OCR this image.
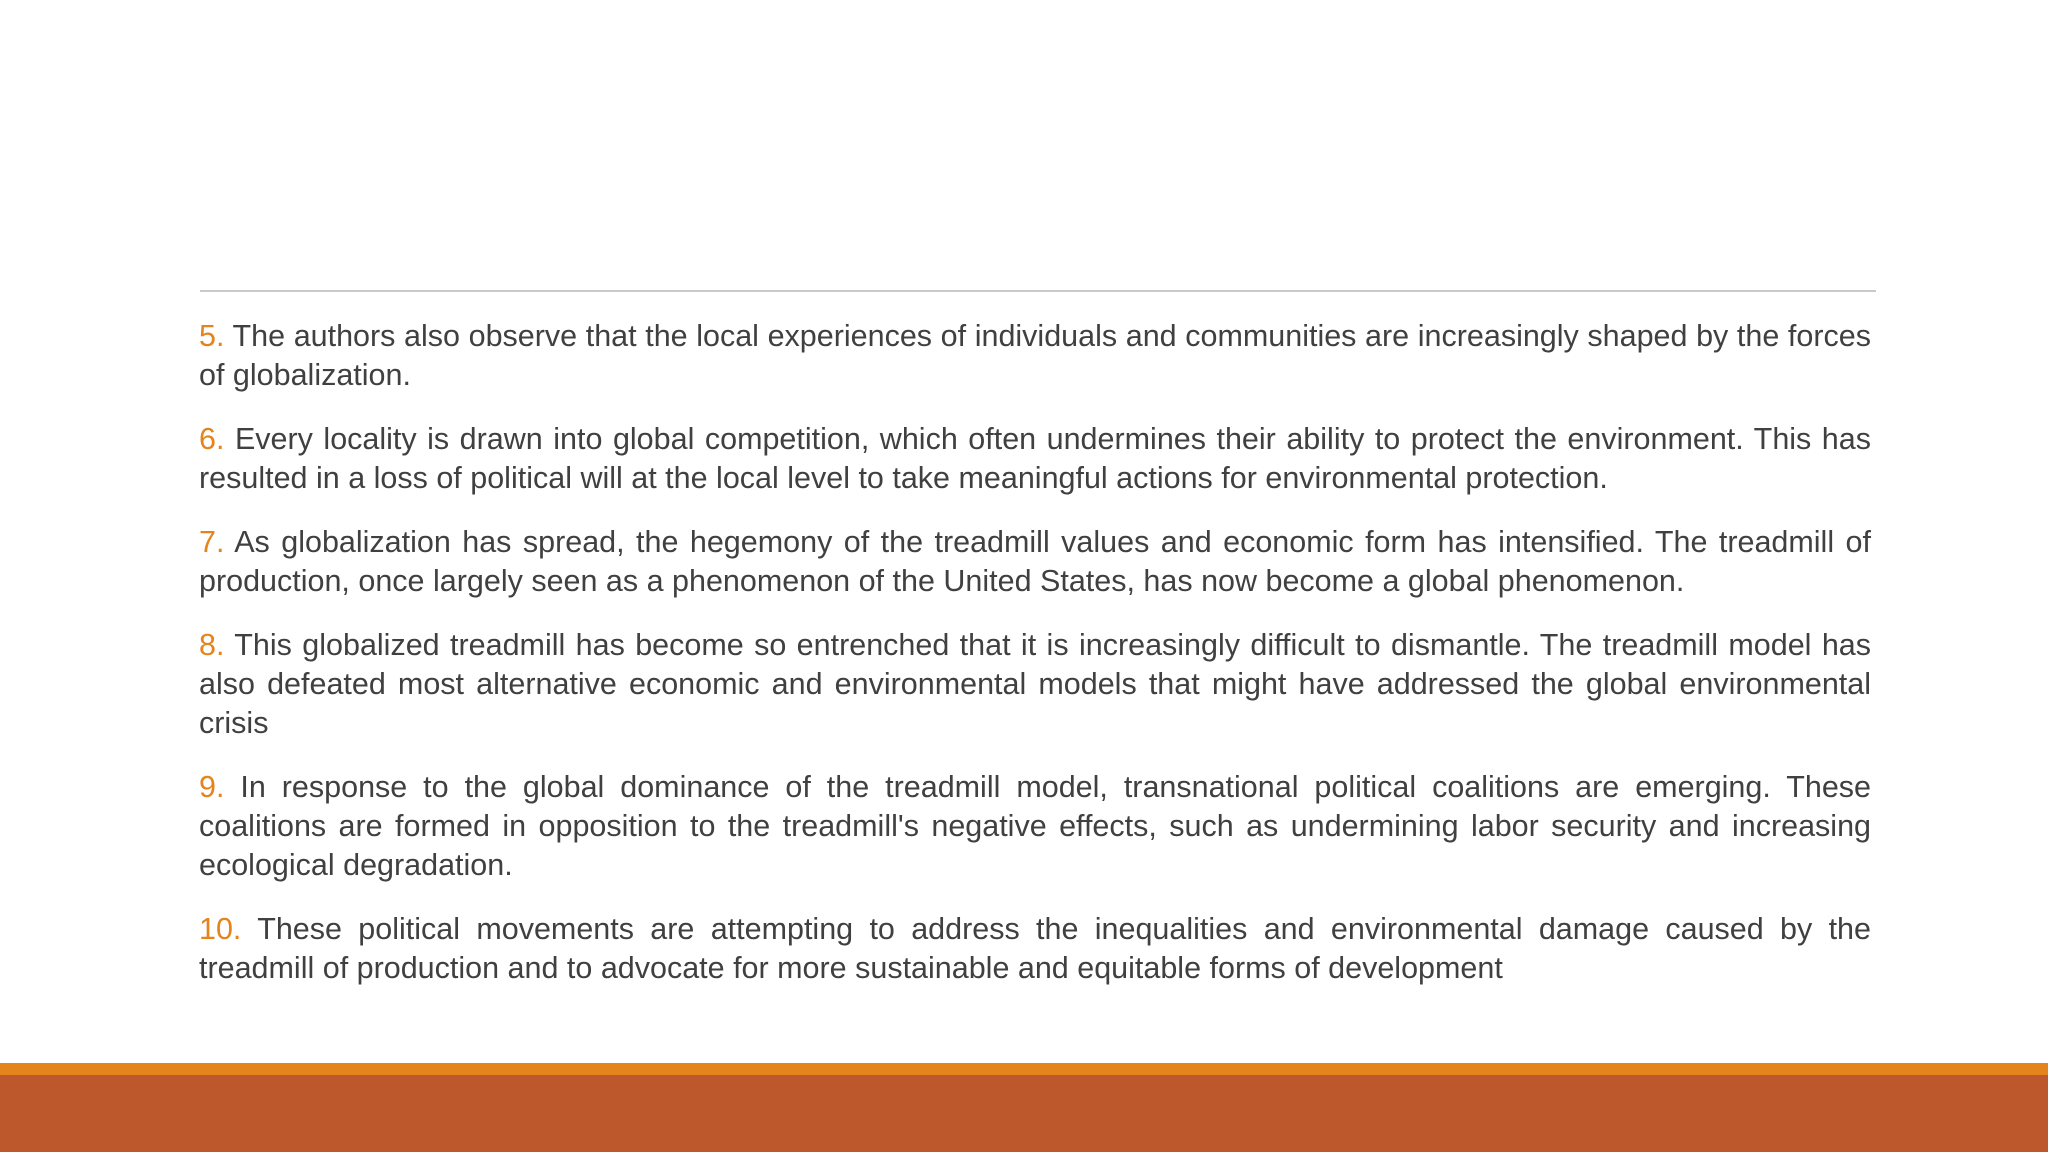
5. The authors also observe that the local experiences of individuals and communities are increasingly shaped by the forces of globalization.

6. Every locality is drawn into global competition, which often undermines their ability to protect the environment. This has resulted in a loss of political will at the local level to take meaningful actions for environmental protection.

7. As globalization has spread, the hegemony of the treadmill values and economic form has intensified. The treadmill of production, once largely seen as a phenomenon of the United States, has now become a global phenomenon.

8. This globalized treadmill has become so entrenched that it is increasingly difficult to dismantle. The treadmill model has also defeated most alternative economic and environmental models that might have addressed the global environmental crisis

9. In response to the global dominance of the treadmill model, transnational political coalitions are emerging. These coalitions are formed in opposition to the treadmill's negative effects, such as undermining labor security and increasing ecological degradation.

10. These political movements are attempting to address the inequalities and environmental damage caused by the treadmill of production and to advocate for more sustainable and equitable forms of development
